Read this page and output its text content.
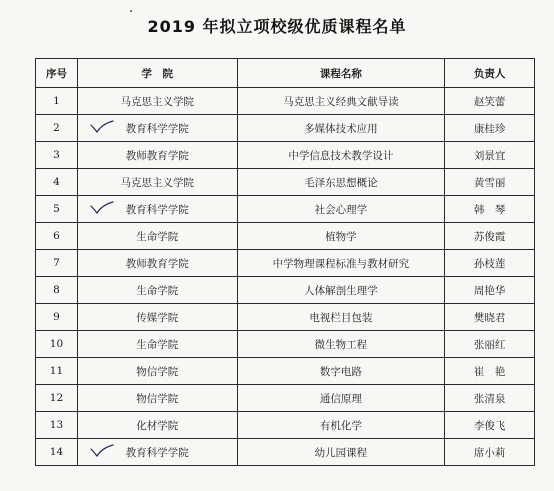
2019 年拟立项校级优质课程名单
序号	学　院	课程名称	负责人
1	马克思主义学院	马克思主义经典文献导读	赵笑蕾
2	教育科学学院	多媒体技术应用	康桂珍
3	教师教育学院	中学信息技术教学设计	刘景宜
4	马克思主义学院	毛泽东思想概论	黄雪丽
5	教育科学学院	社会心理学	韩　琴
6	生命学院	植物学	苏俊霞
7	教师教育学院	中学物理课程标准与教材研究	孙枝莲
8	生命学院	人体解剖生理学	周艳华
9	传媒学院	电视栏目包装	樊晓君
10	生命学院	微生物工程	张丽红
11	物信学院	数字电路	崔　艳
12	物信学院	通信原理	张清泉
13	化材学院	有机化学	李俊飞
14	教育科学学院	幼儿园课程	席小莉
